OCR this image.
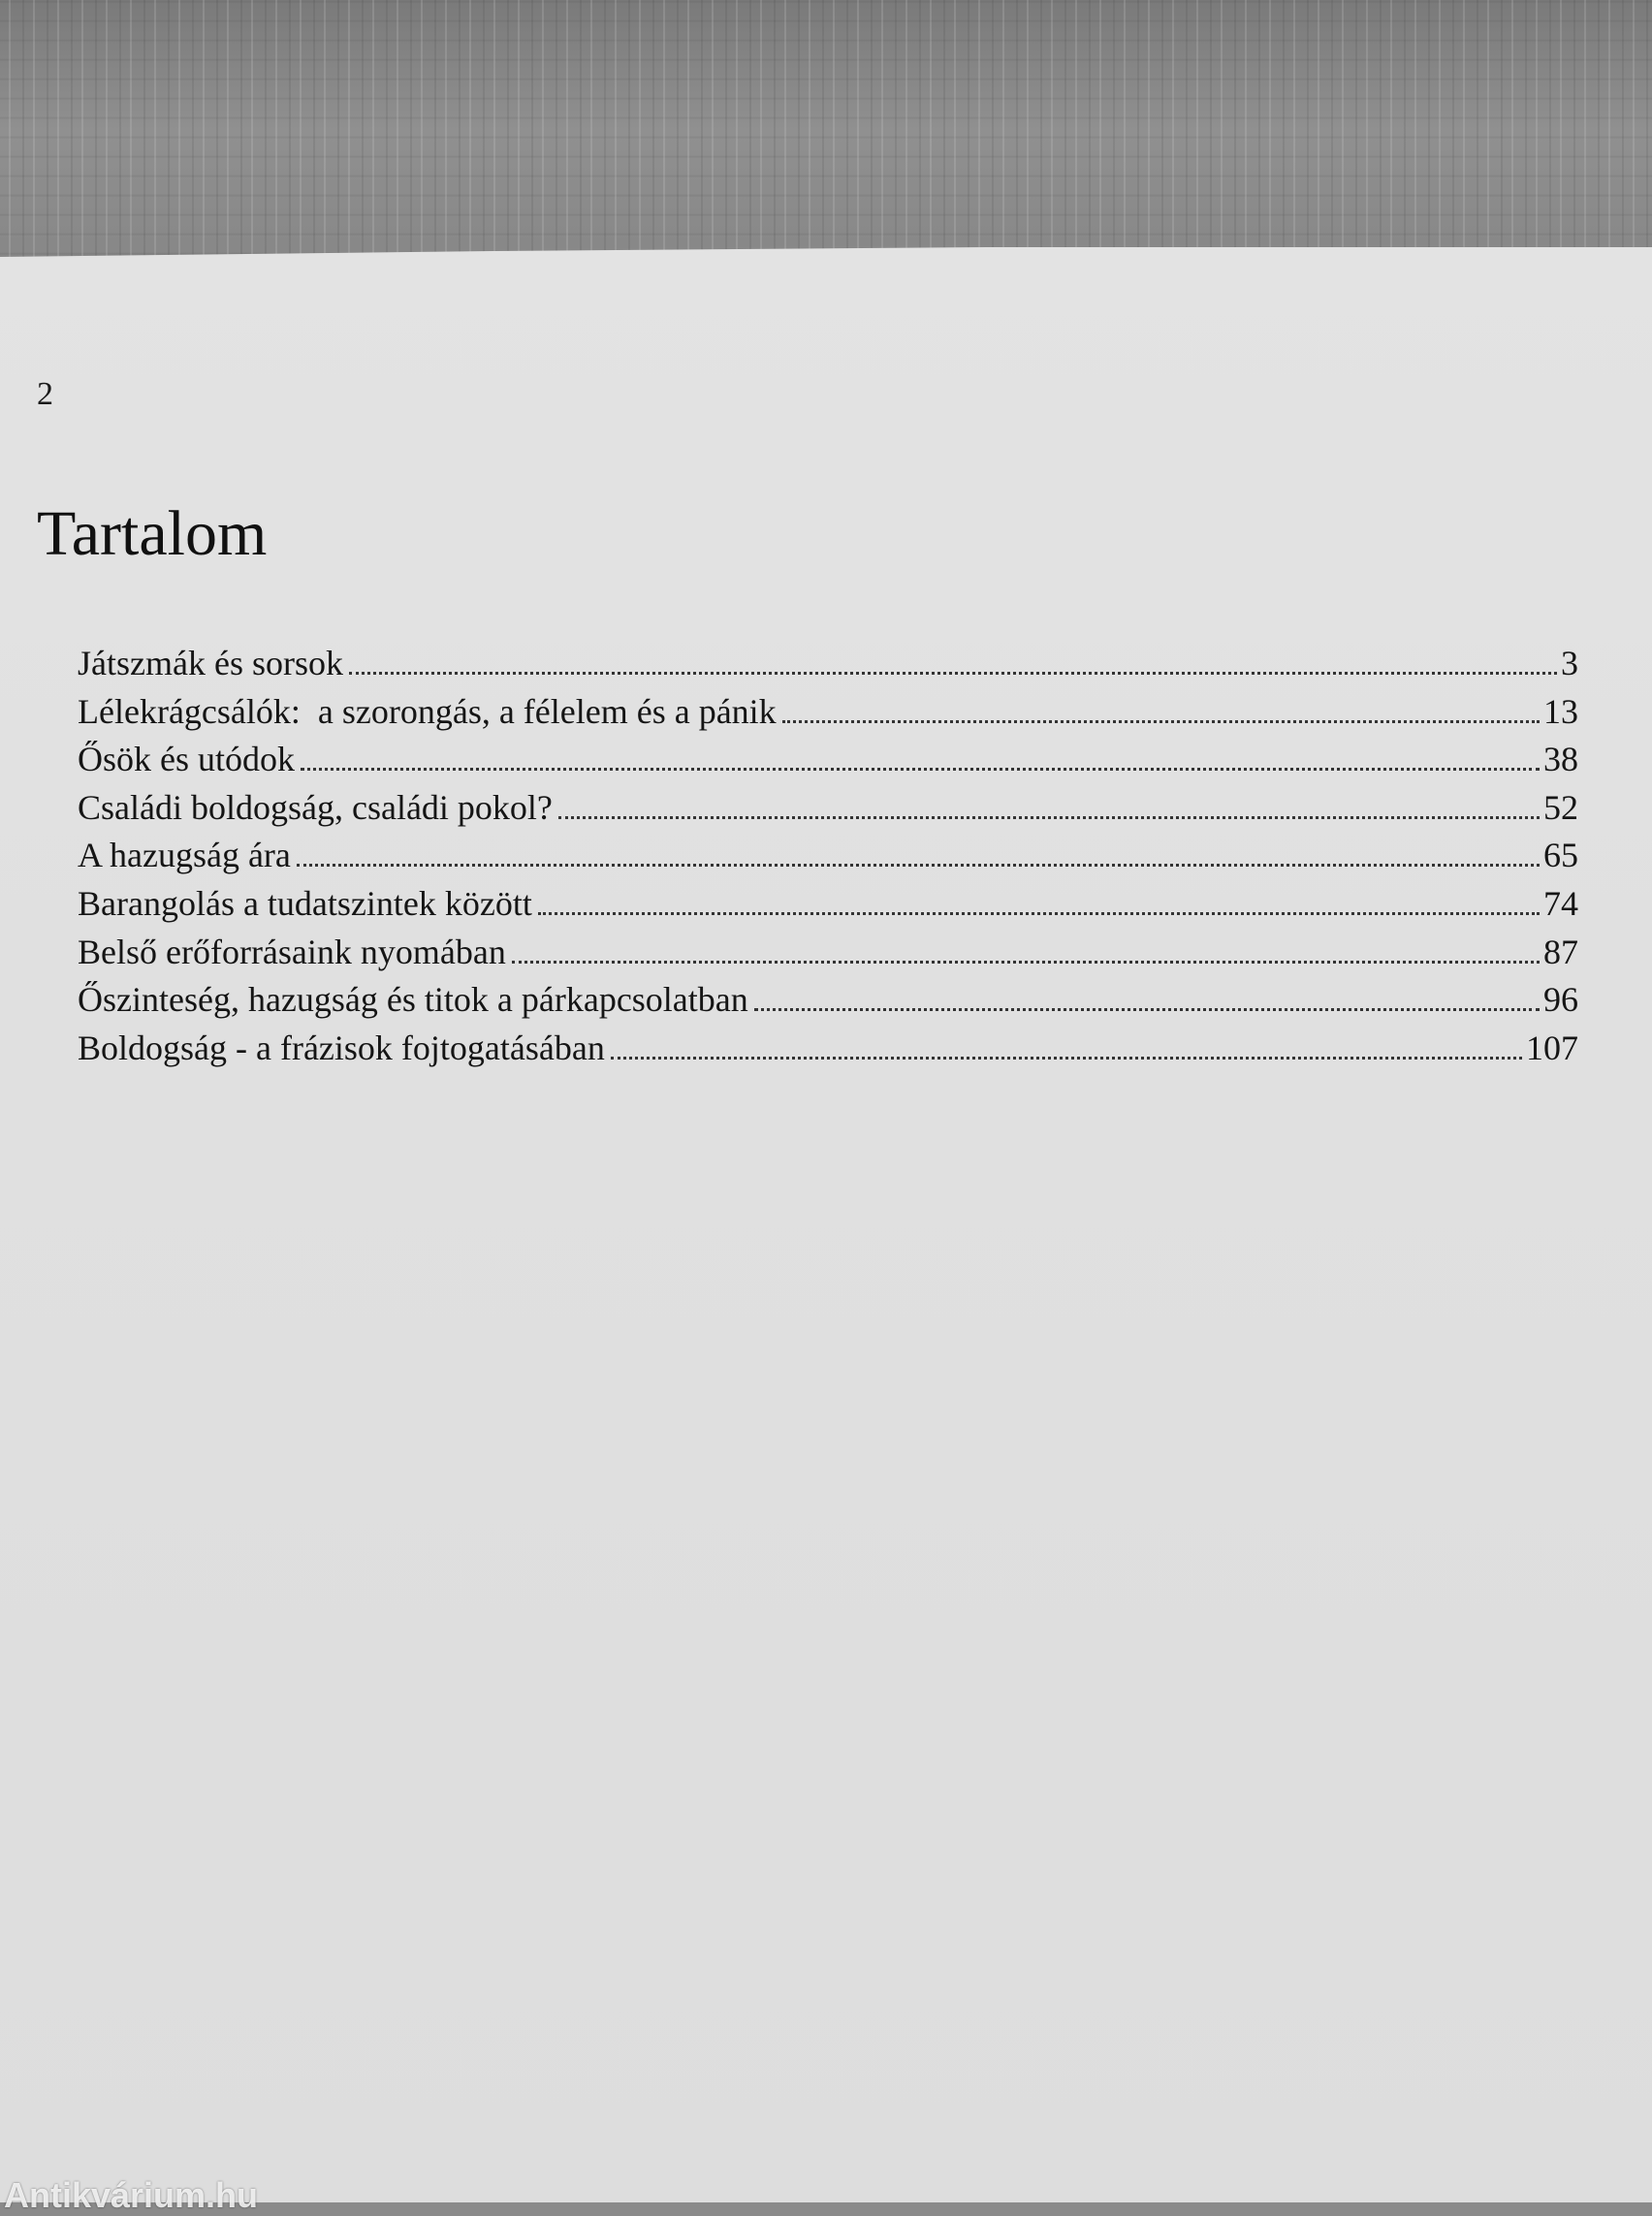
2
Tartalom
Játszmák és sorsok	3
Lélekrágcsálók:  a szorongás, a félelem és a pánik	13
Ősök és utódok	38
Családi boldogság, családi pokol?	52
A hazugság ára	65
Barangolás a tudatszintek között	74
Belső erőforrásaink nyomában	87
Őszinteség, hazugság és titok a párkapcsolatban	96
Boldogság - a frázisok fojtogatásában	107
Antikvárium.hu
